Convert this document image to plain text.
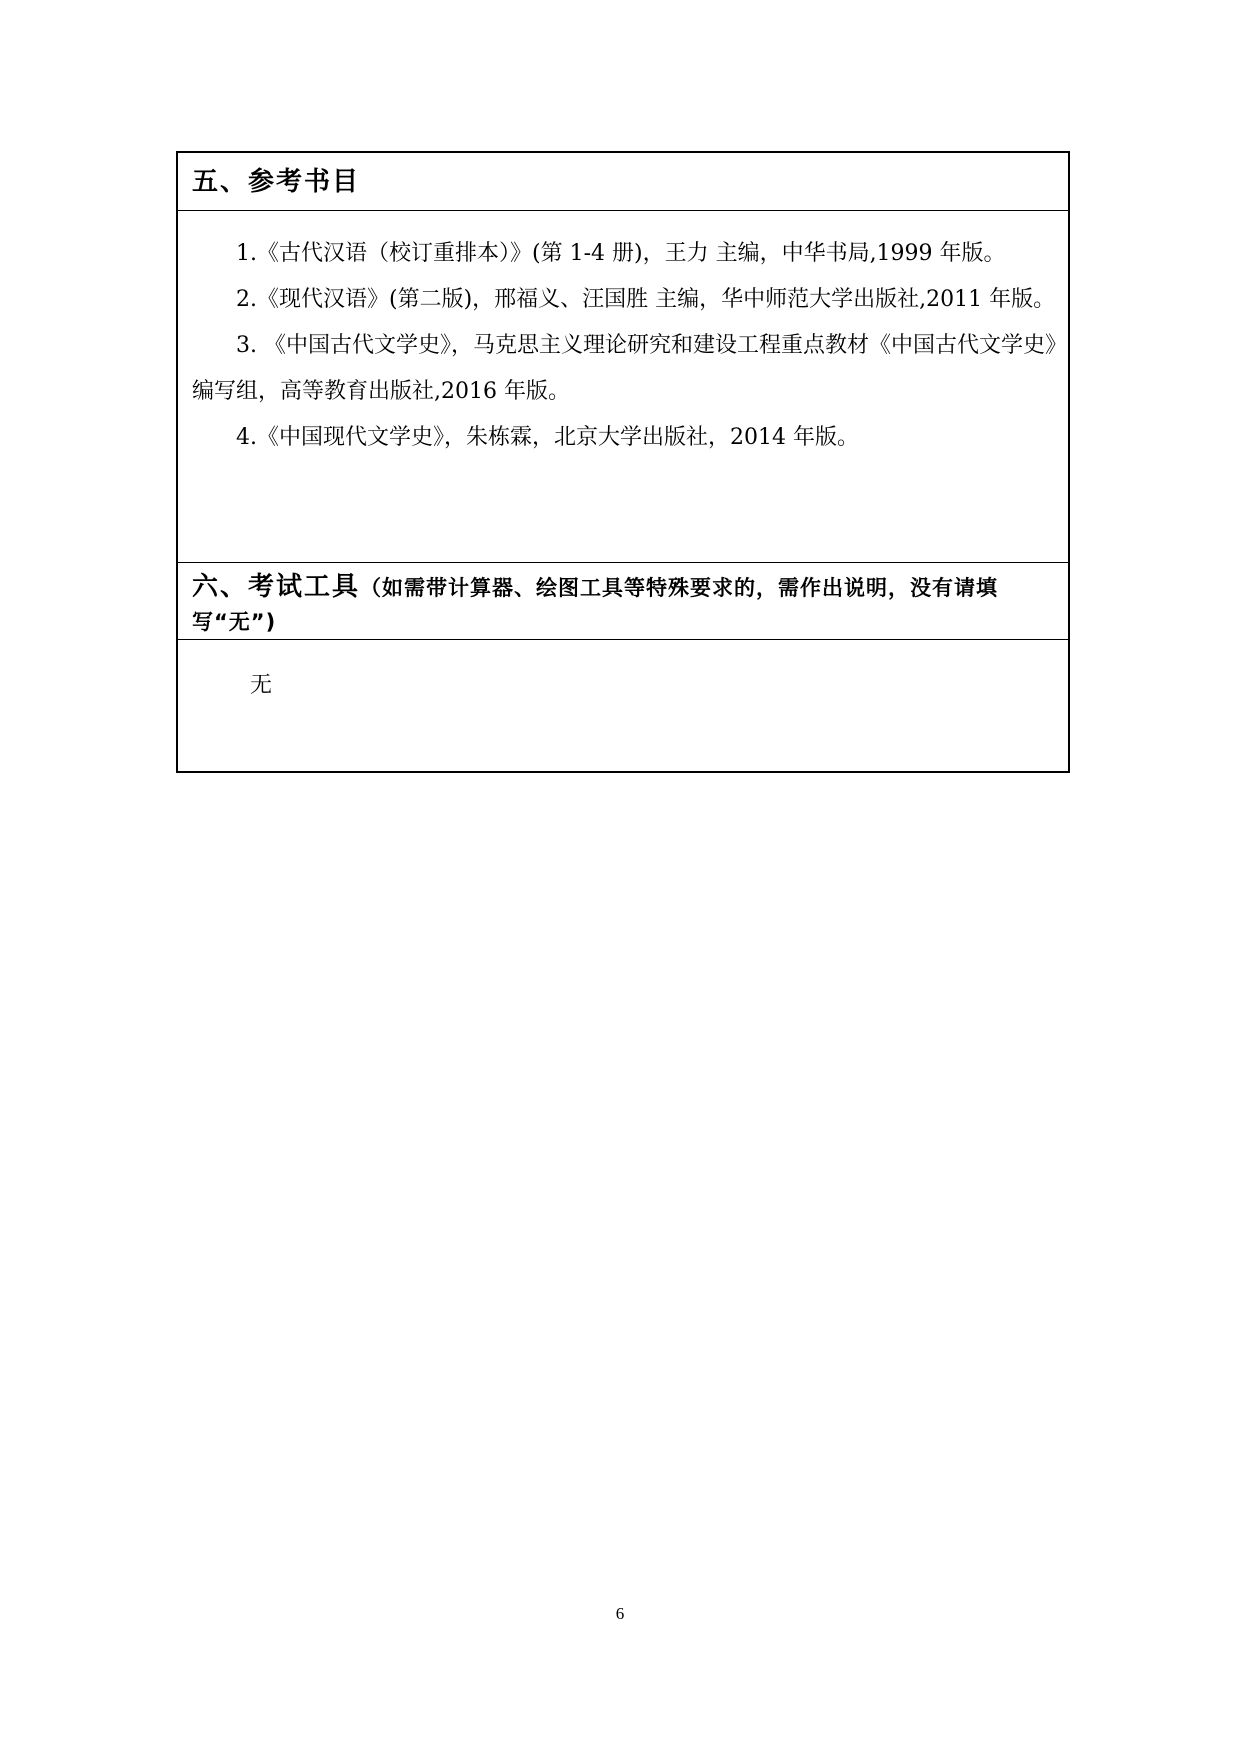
五、参考书目

1.《古代汉语（校订重排本）》(第 1-4 册)，王力 主编，中华书局,1999 年版。

2.《现代汉语》(第二版)，邢福义、汪国胜 主编，华中师范大学出版社,2011 年版。

3. 《中国古代文学史》，马克思主义理论研究和建设工程重点教材《中国古代文学史》编写组，高等教育出版社,2016 年版。

4.《中国现代文学史》，朱栋霖，北京大学出版社，2014 年版。

六、考试工具（如需带计算器、绘图工具等特殊要求的，需作出说明，没有请填写“无”)
无
6
